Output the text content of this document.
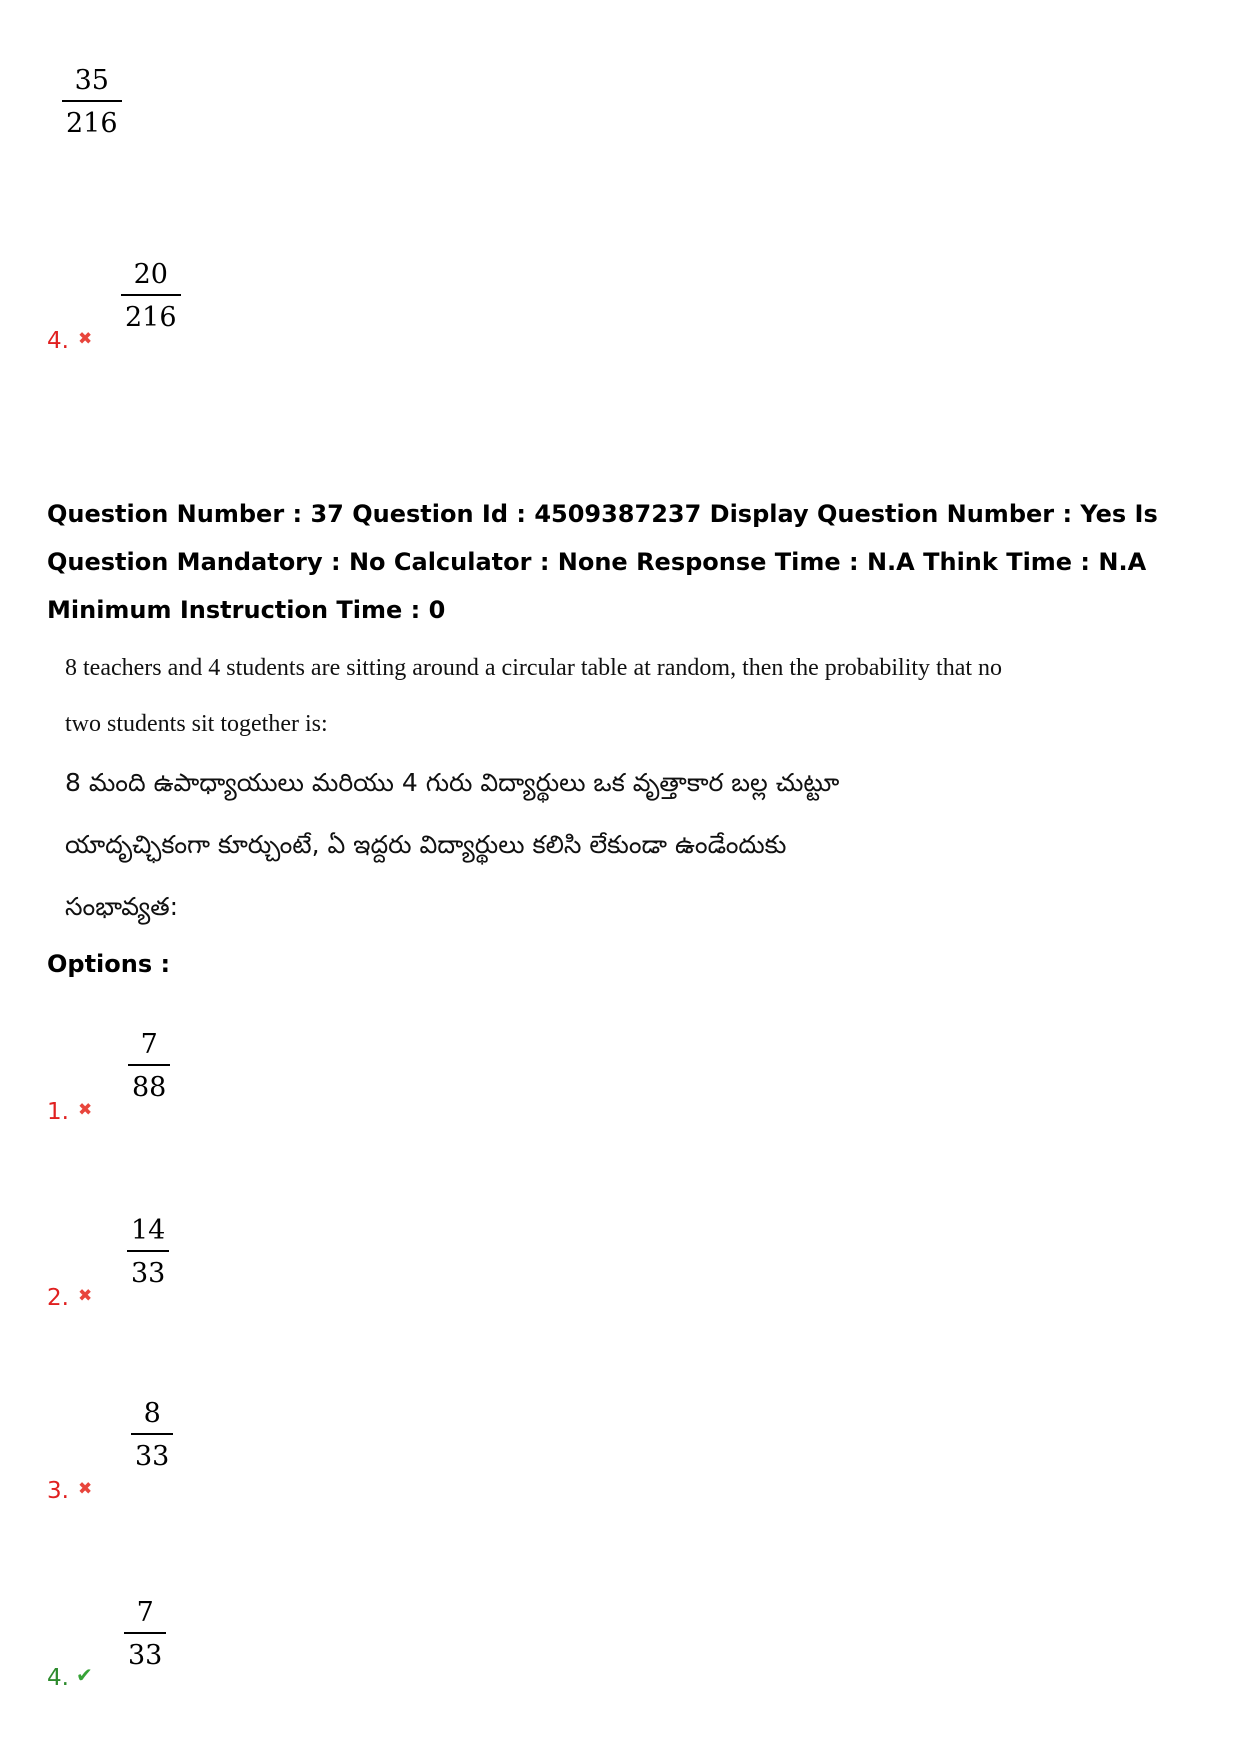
35
216
4. ✖
20
216
Question Number : 37 Question Id : 4509387237 Display Question Number : Yes Is Question Mandatory : No Calculator : None Response Time : N.A Think Time : N.A Minimum Instruction Time : 0
8 teachers and 4 students are sitting around a circular table at random, then the probability that no
two students sit together is:
8 మంది ఉపాధ్యాయులు మరియు 4 గురు విద్యార్థులు ఒక వృత్తాకార బల్ల చుట్టూ
యాదృచ్ఛికంగా కూర్చుంటే, ఏ ఇద్దరు విద్యార్థులు కలిసి లేకుండా ఉండేందుకు
సంభావ్యత:
Options :
1. ✖
7
88
2. ✖
14
33
3. ✖
8
33
4. ✔
7
33
